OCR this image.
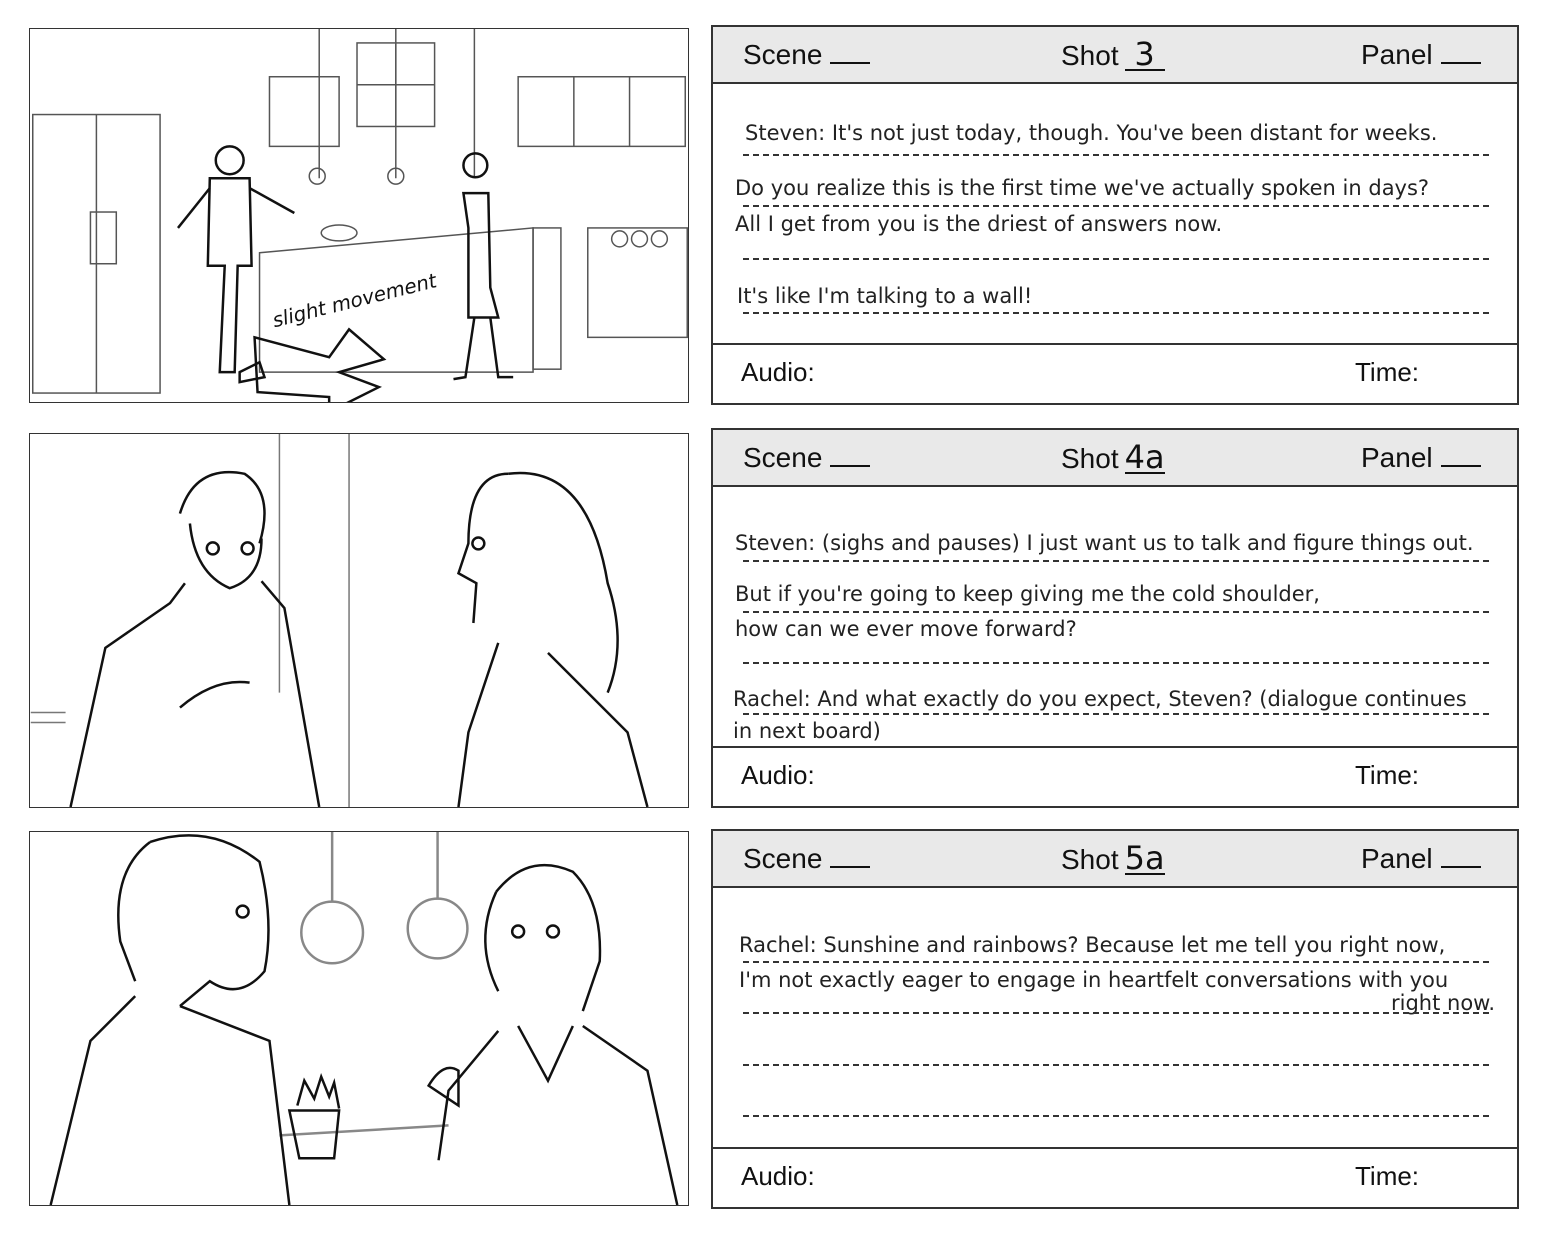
slight movement
Scene	Shot 3	Panel
Steven: It's not just today, though. You've been distant for weeks.
Do you realize this is the first time we've actually spoken in days?
All I get from you is the driest of answers now.
It's like I'm talking to a wall!
Audio:	Time:
Scene	Shot 4a	Panel
Steven: (sighs and pauses) I just want us to talk and figure things out.
But if you're going to keep giving me the cold shoulder,
how can we ever move forward?
Rachel: And what exactly do you expect, Steven? (dialogue continues
in next board)
Audio:	Time:
Scene	Shot 5a	Panel
Rachel: Sunshine and rainbows? Because let me tell you right now,
I'm not exactly eager to engage in heartfelt conversations with you
right now.
Audio:	Time:
